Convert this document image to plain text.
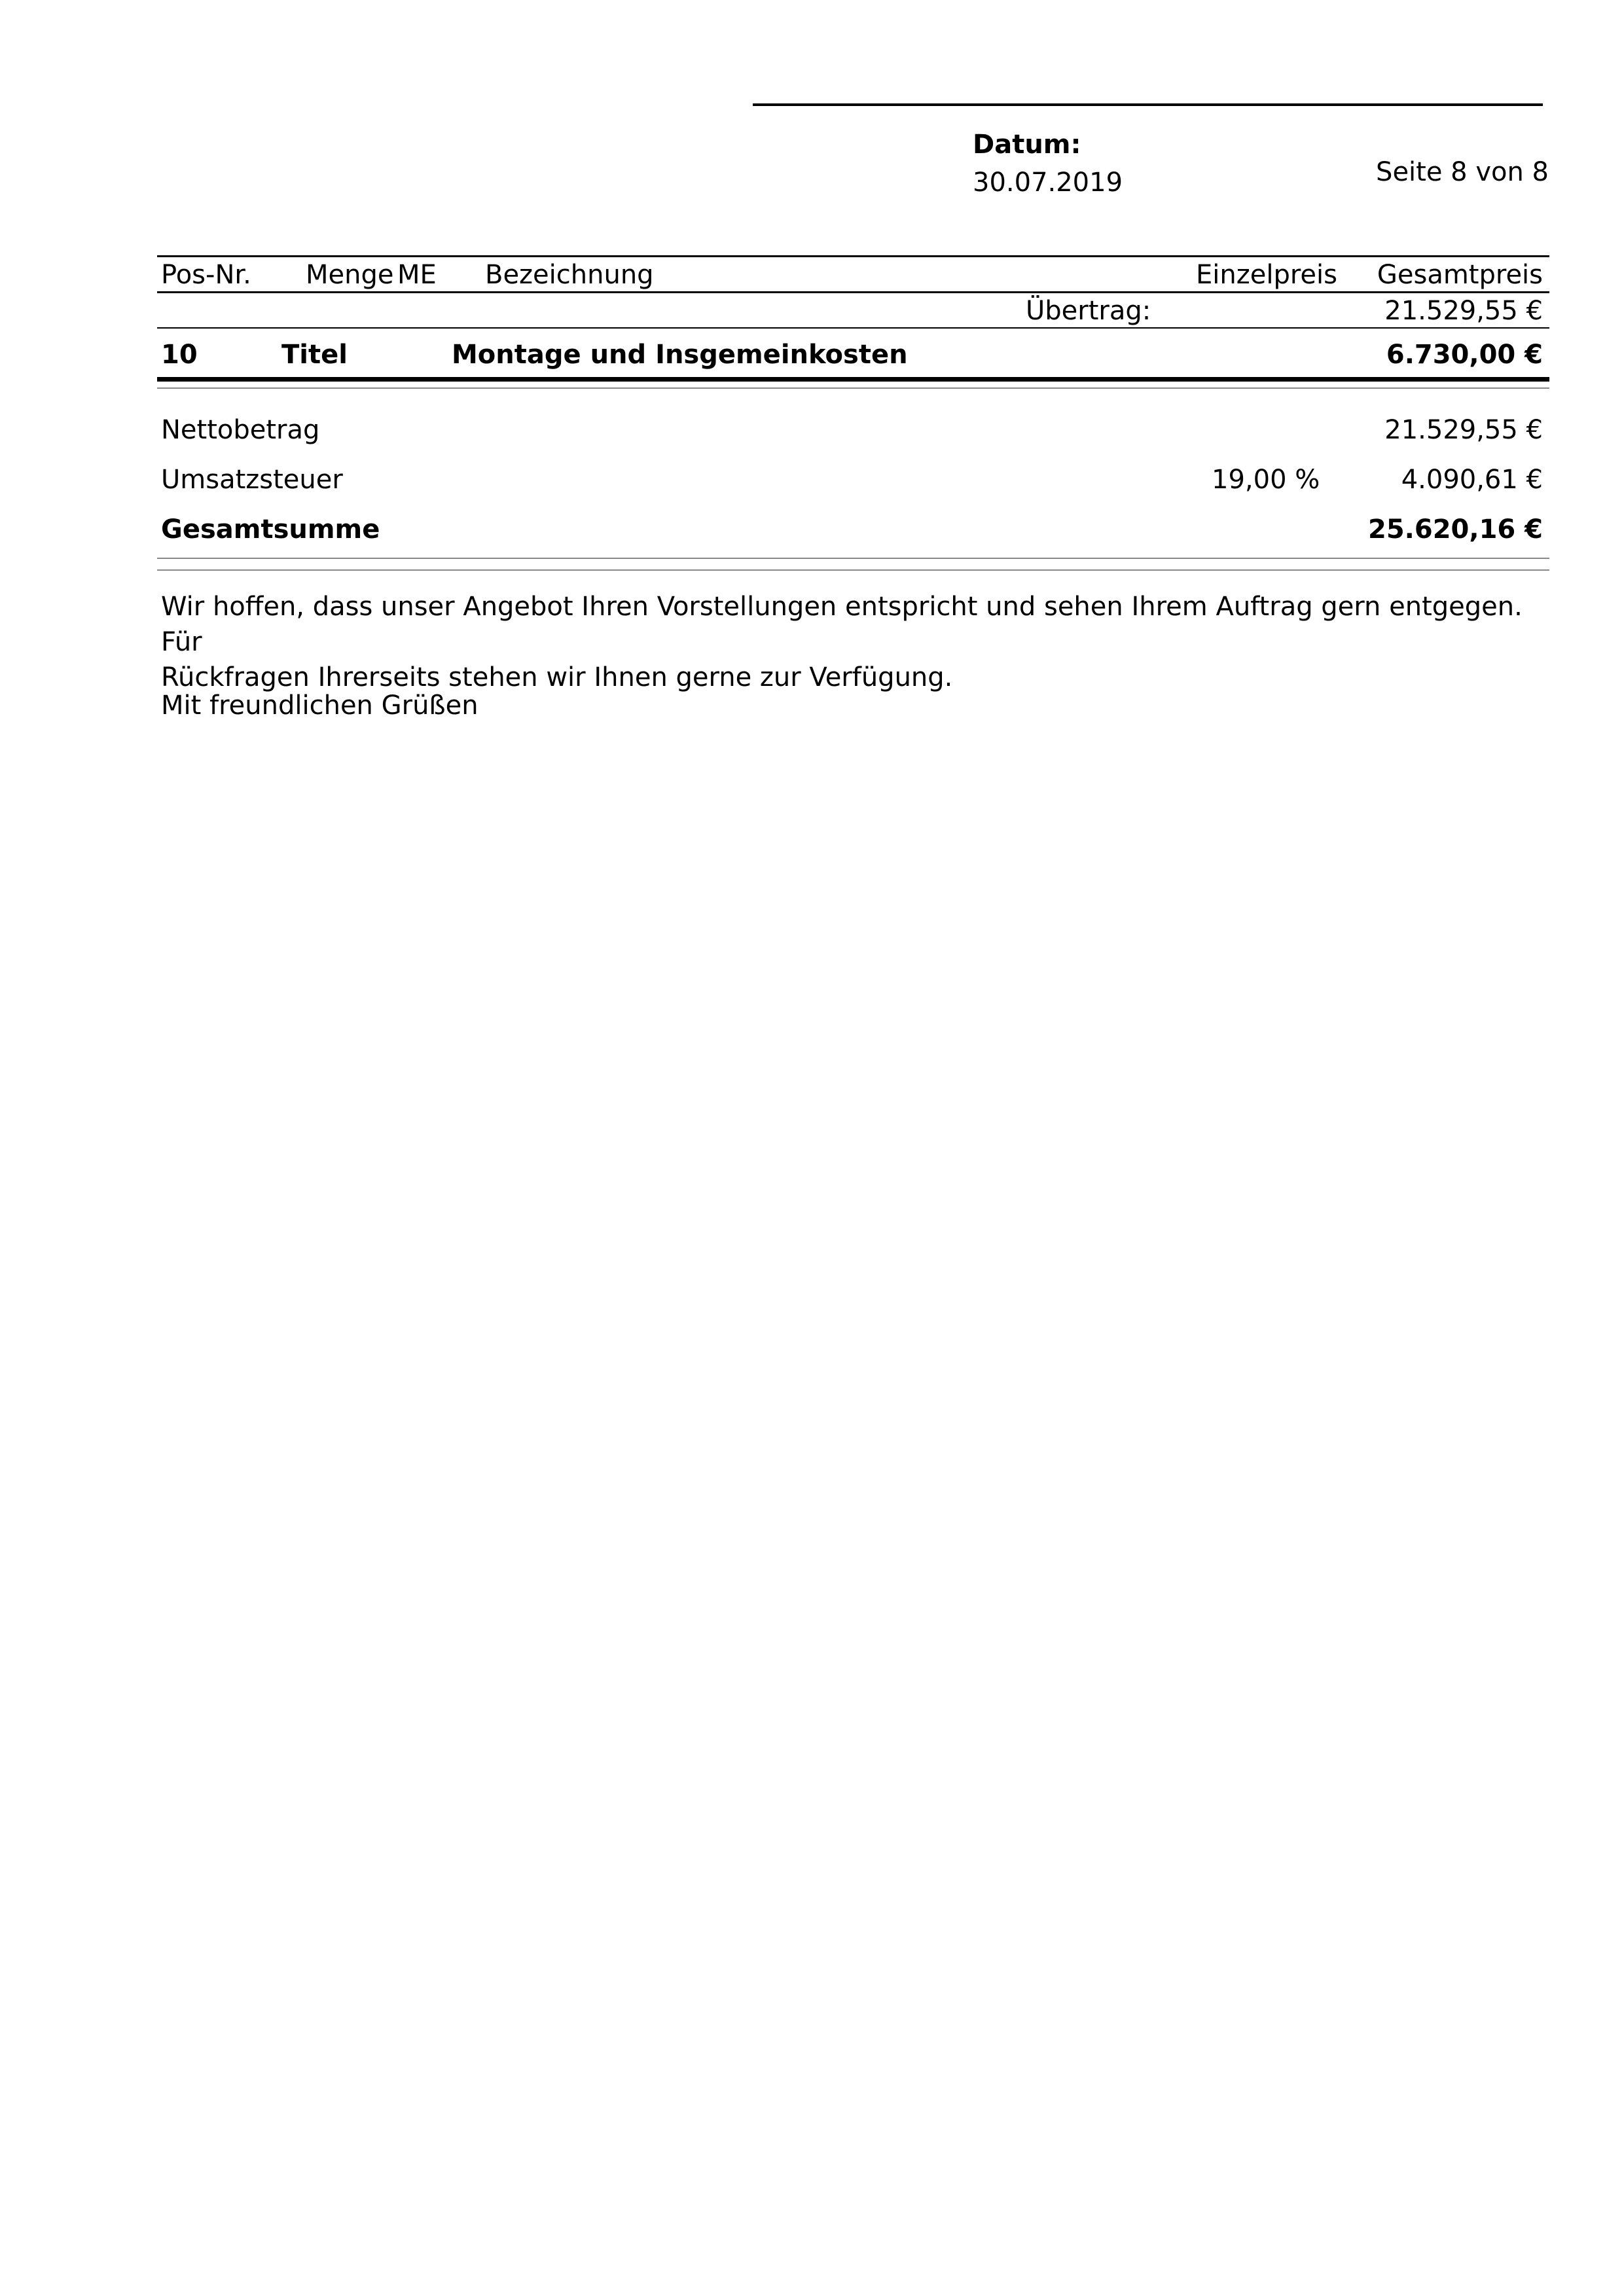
Datum:
30.07.2019	Seite 8 von 8
Pos-Nr. Menge ME Bezeichnung	Einzelpreis Gesamtpreis
Übertrag:	21.529,55 €
10	Titel	Montage und Insgemeinkosten	6.730,00 €
Nettobetrag	21.529,55 €
Umsatzsteuer	19,00 %	4.090,61 €
Gesamtsumme	25.620,16 €
Wir hoffen, dass unser Angebot Ihren Vorstellungen entspricht und sehen Ihrem Auftrag gern entgegen. Für
Rückfragen Ihrerseits stehen wir Ihnen gerne zur Verfügung.
Mit freundlichen Grüßen
